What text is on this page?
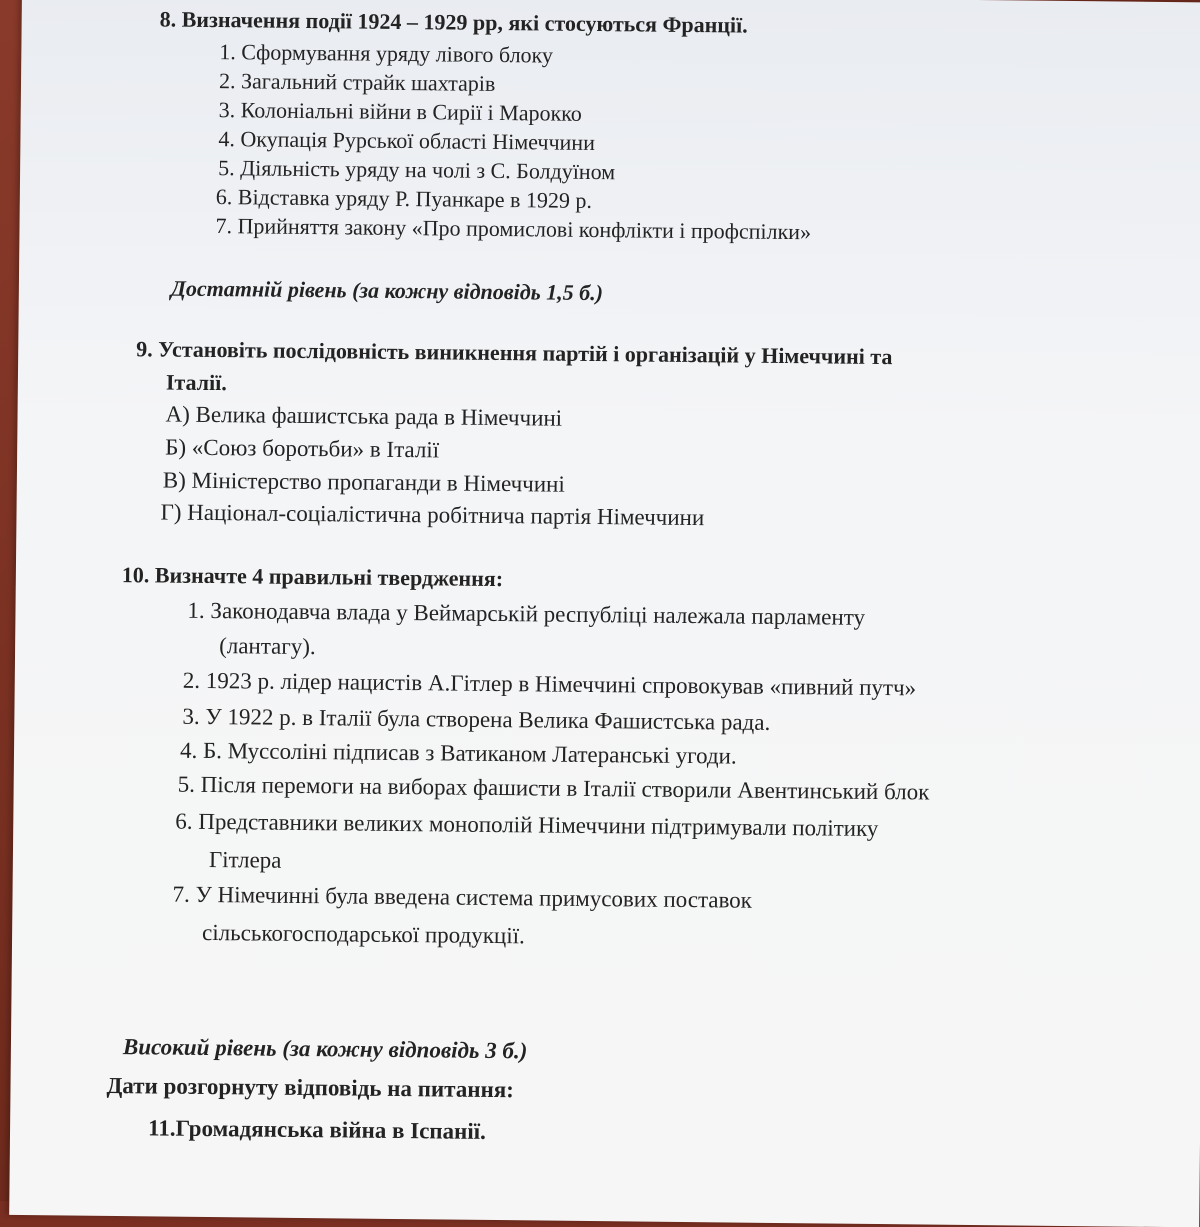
8. Визначення події 1924 – 1929 рр, які стосуються Франції.
1. Сформування уряду лівого блоку
2. Загальний страйк шахтарів
3. Колоніальні війни в Сирії і Марокко
4. Окупація Рурської області Німеччини
5. Діяльність уряду на чолі з С. Болдуїном
6. Відставка уряду Р. Пуанкаре в 1929 р.
7. Прийняття закону «Про промислові конфлікти і профспілки»
Достатній рівень (за кожну відповідь 1,5 б.)
9. Установіть послідовність виникнення партій і організацій у Німеччині та
Італії.
А) Велика фашистська рада в Німеччині
Б) «Союз боротьби» в Італії
В) Міністерство пропаганди в Німеччині
Г) Націонал-соціалістична робітнича партія Німеччини
10. Визначте 4 правильні твердження:
1. Законодавча влада у Веймарській республіці належала парламенту
(лантагу).
2. 1923 р. лідер нацистів А.Гітлер в Німеччині спровокував «пивний путч»
3. У 1922 р. в Італії була створена Велика Фашистська рада.
4. Б. Муссоліні підписав з Ватиканом Латеранські угоди.
5. Після перемоги на виборах фашисти в Італії створили Авентинський блок
6. Представники великих монополій Німеччини підтримували політику
Гітлера
7. У Німечинні була введена система примусових поставок
сільськогосподарської продукції.
Високий рівень (за кожну відповідь 3 б.)
Дати розгорнуту відповідь на питання:
11.Громадянська війна в Іспанії.
